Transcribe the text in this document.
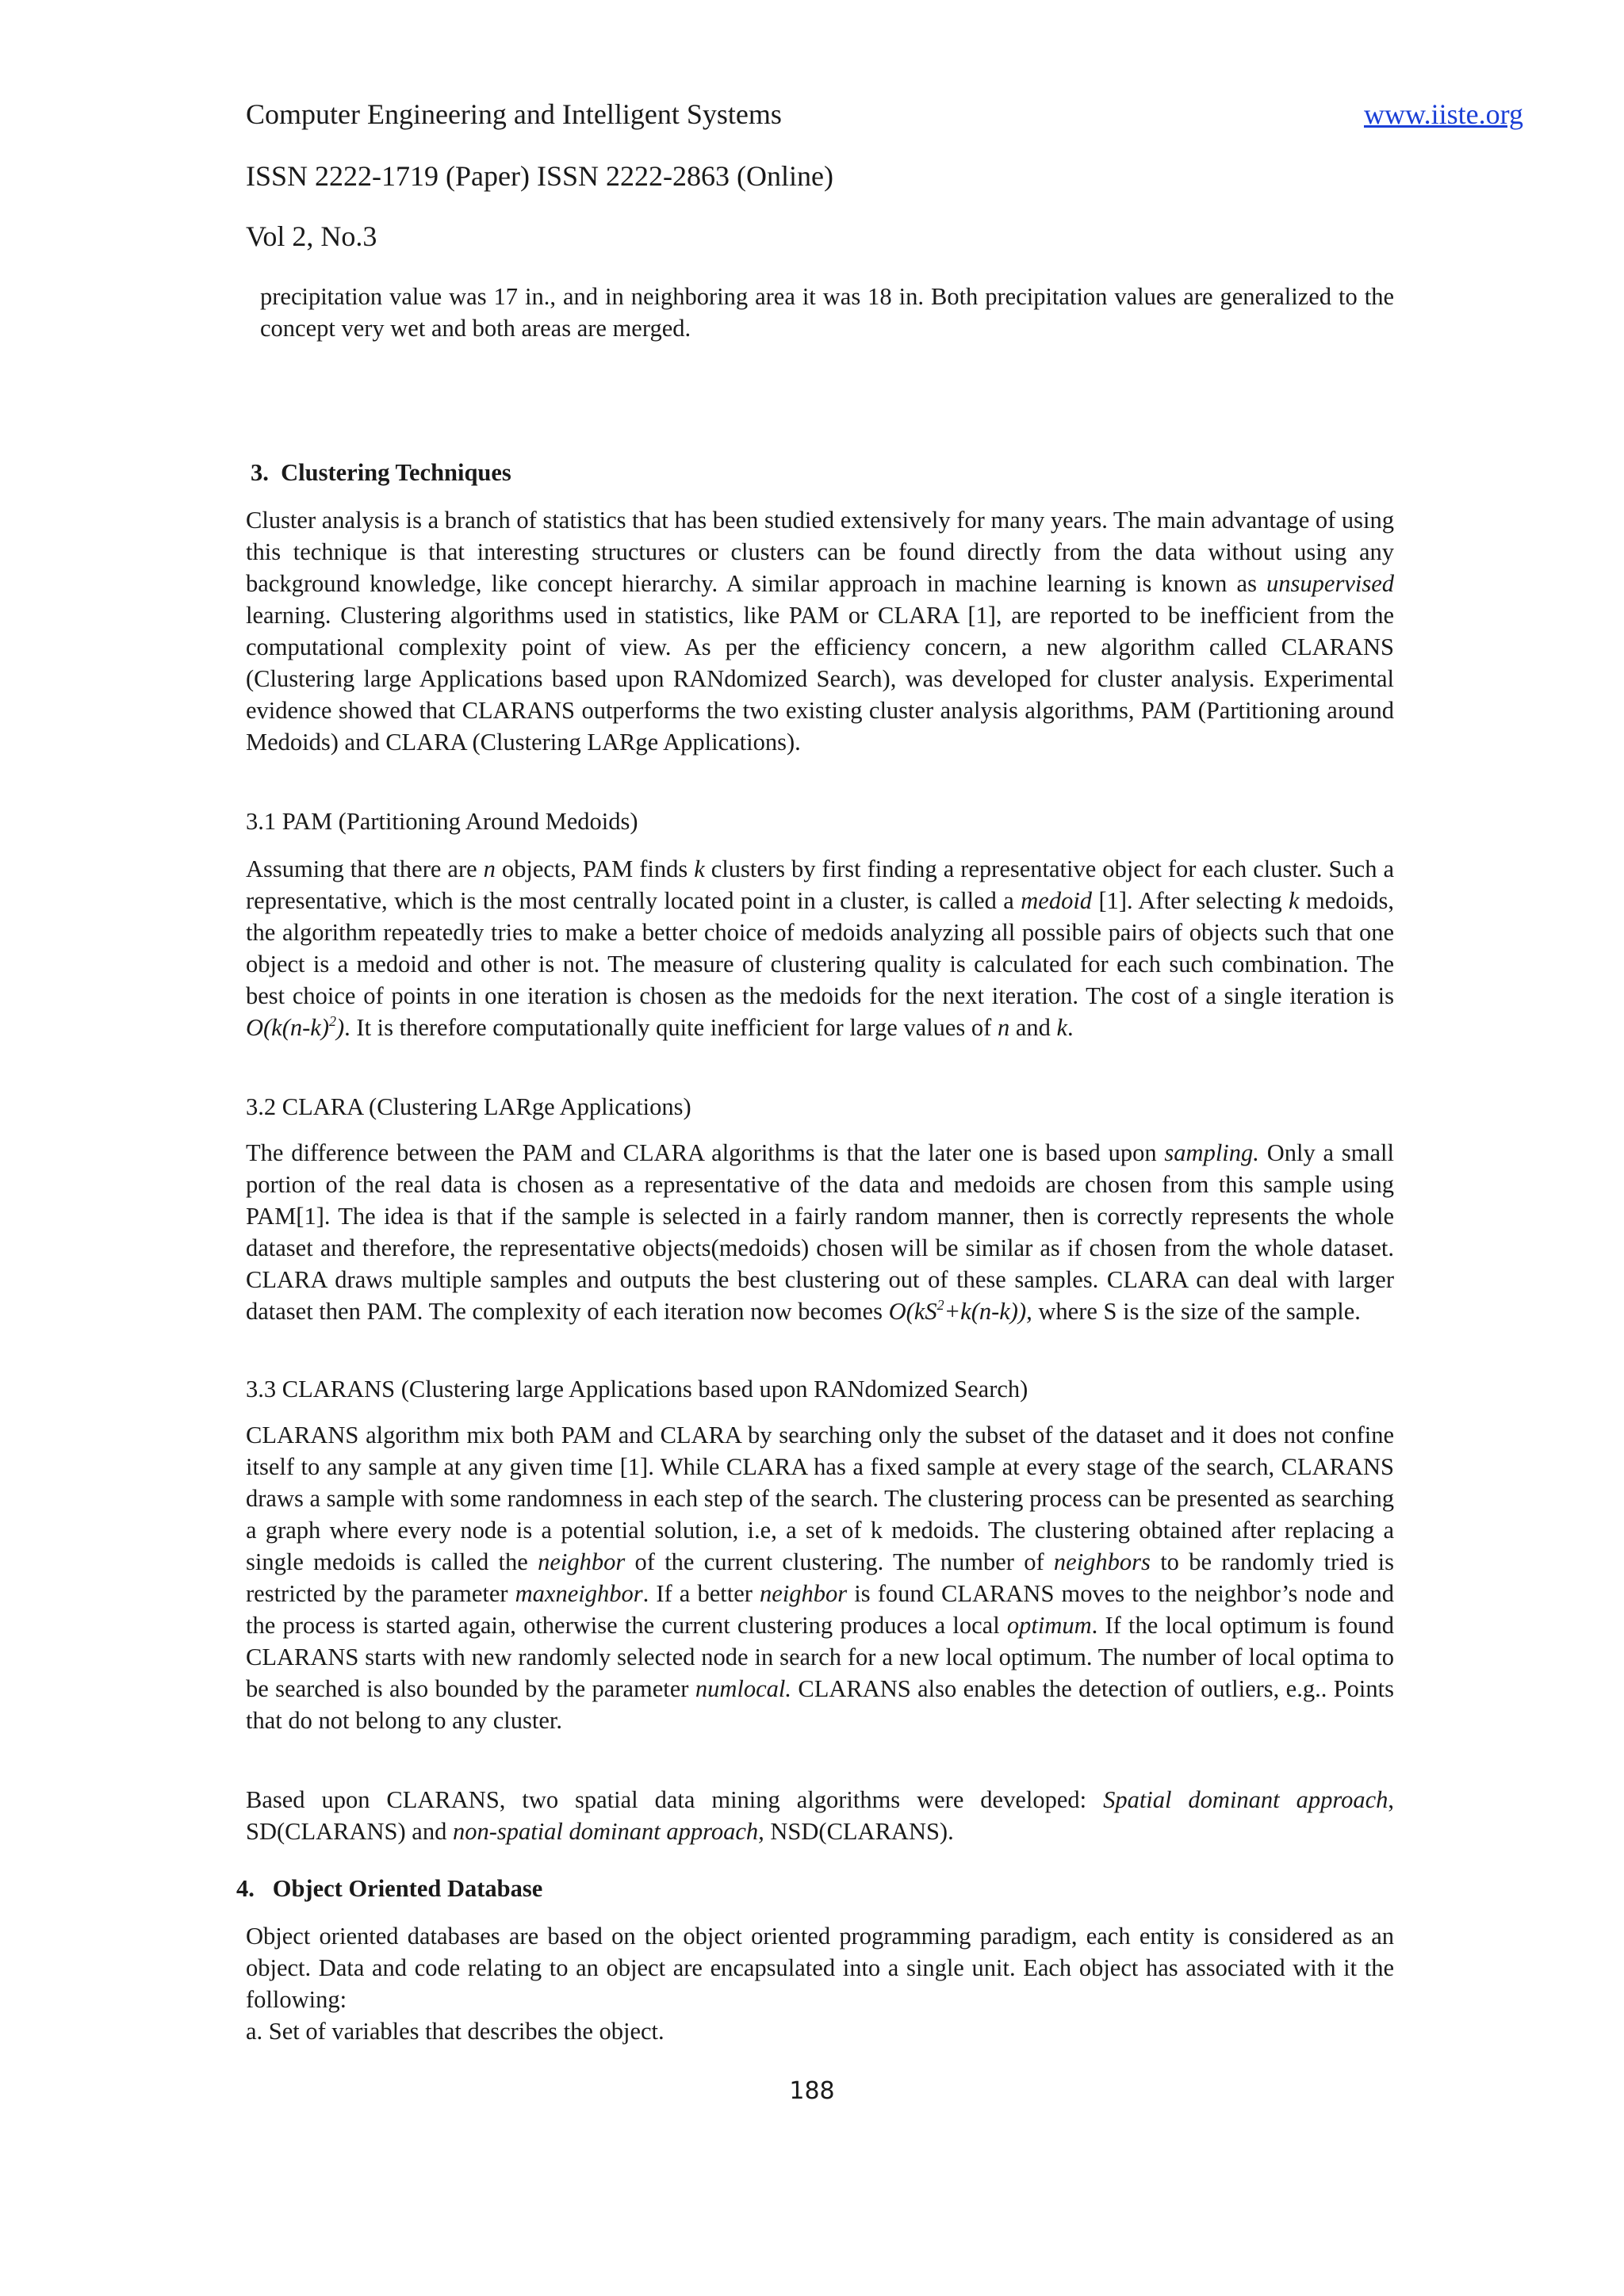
Computer Engineering and Intelligent Systems	www.iiste.org
ISSN 2222-1719 (Paper) ISSN 2222-2863 (Online)
Vol 2, No.3

precipitation value was 17 in., and in neighboring area it was 18 in. Both precipitation values are generalized to the concept very wet and both areas are merged.

3. Clustering Techniques

Cluster analysis is a branch of statistics that has been studied extensively for many years. The main advantage of using this technique is that interesting structures or clusters can be found directly from the data without using any background knowledge, like concept hierarchy. A similar approach in machine learning is known as unsupervised learning. Clustering algorithms used in statistics, like PAM or CLARA [1], are reported to be inefficient from the computational complexity point of view. As per the efficiency concern, a new algorithm called CLARANS (Clustering large Applications based upon RANdomized Search), was developed for cluster analysis. Experimental evidence showed that CLARANS outperforms the two existing cluster analysis algorithms, PAM (Partitioning around Medoids) and CLARA (Clustering LARge Applications).

3.1 PAM (Partitioning Around Medoids)

Assuming that there are n objects, PAM finds k clusters by first finding a representative object for each cluster. Such a representative, which is the most centrally located point in a cluster, is called a medoid [1]. After selecting k medoids, the algorithm repeatedly tries to make a better choice of medoids analyzing all possible pairs of objects such that one object is a medoid and other is not. The measure of clustering quality is calculated for each such combination. The best choice of points in one iteration is chosen as the medoids for the next iteration. The cost of a single iteration is $O(k(n-k)^2)$. It is therefore computationally quite inefficient for large values of n and k.

3.2 CLARA (Clustering LARge Applications)

The difference between the PAM and CLARA algorithms is that the later one is based upon sampling. Only a small portion of the real data is chosen as a representative of the data and medoids are chosen from this sample using PAM[1]. The idea is that if the sample is selected in a fairly random manner, then is correctly represents the whole dataset and therefore, the representative objects(medoids) chosen will be similar as if chosen from the whole dataset. CLARA draws multiple samples and outputs the best clustering out of these samples. CLARA can deal with larger dataset then PAM. The complexity of each iteration now becomes $O(kS^2+k(n-k))$, where S is the size of the sample.

3.3 CLARANS (Clustering large Applications based upon RANdomized Search)

CLARANS algorithm mix both PAM and CLARA by searching only the subset of the dataset and it does not confine itself to any sample at any given time [1]. While CLARA has a fixed sample at every stage of the search, CLARANS draws a sample with some randomness in each step of the search. The clustering process can be presented as searching a graph where every node is a potential solution, i.e, a set of k medoids. The clustering obtained after replacing a single medoids is called the neighbor of the current clustering. The number of neighbors to be randomly tried is restricted by the parameter maxneighbor. If a better neighbor is found CLARANS moves to the neighbor’s node and the process is started again, otherwise the current clustering produces a local optimum. If the local optimum is found CLARANS starts with new randomly selected node in search for a new local optimum. The number of local optima to be searched is also bounded by the parameter numlocal. CLARANS also enables the detection of outliers, e.g.. Points that do not belong to any cluster.

Based upon CLARANS, two spatial data mining algorithms were developed: Spatial dominant approach, SD(CLARANS) and non-spatial dominant approach, NSD(CLARANS).

4. Object Oriented Database

Object oriented databases are based on the object oriented programming paradigm, each entity is considered as an object. Data and code relating to an object are encapsulated into a single unit. Each object has associated with it the following:

a. Set of variables that describes the object.
188
